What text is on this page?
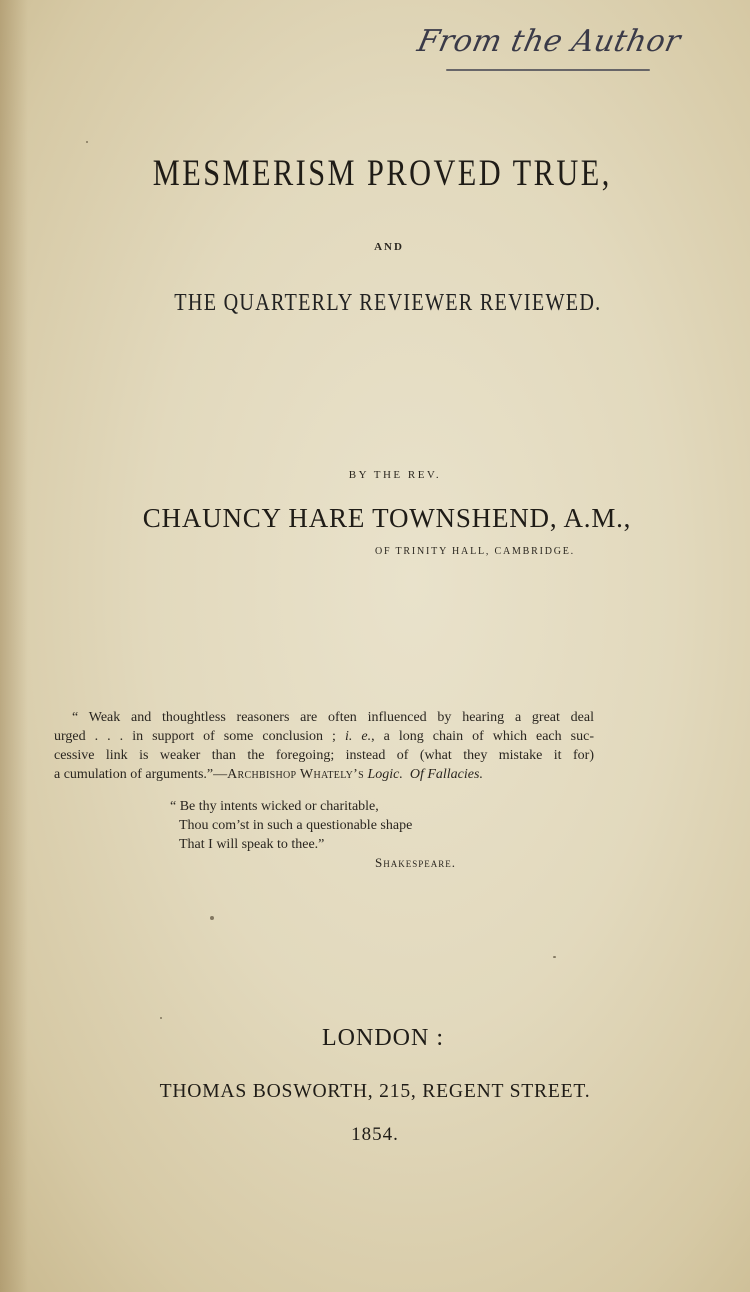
From the Author
MESMERISM PROVED TRUE,
AND
THE QUARTERLY REVIEWER REVIEWED.
BY THE REV.
CHAUNCY HARE TOWNSHEND, A.M.,
OF TRINITY HALL, CAMBRIDGE.
“ Weak and thoughtless reasoners are often influenced by hearing a great deal
urged . . . in support of some conclusion ; i. e., a long chain of which each suc-
cessive link is weaker than the foregoing; instead of (what they mistake it for)
a cumulation of arguments.”—Archbishop Whately’s Logic.  Of Fallacies.
“ Be thy intents wicked or charitable,
Thou com’st in such a questionable shape
That I will speak to thee.”
Shakespeare.
LONDON :
THOMAS BOSWORTH, 215, REGENT STREET.
1854.
